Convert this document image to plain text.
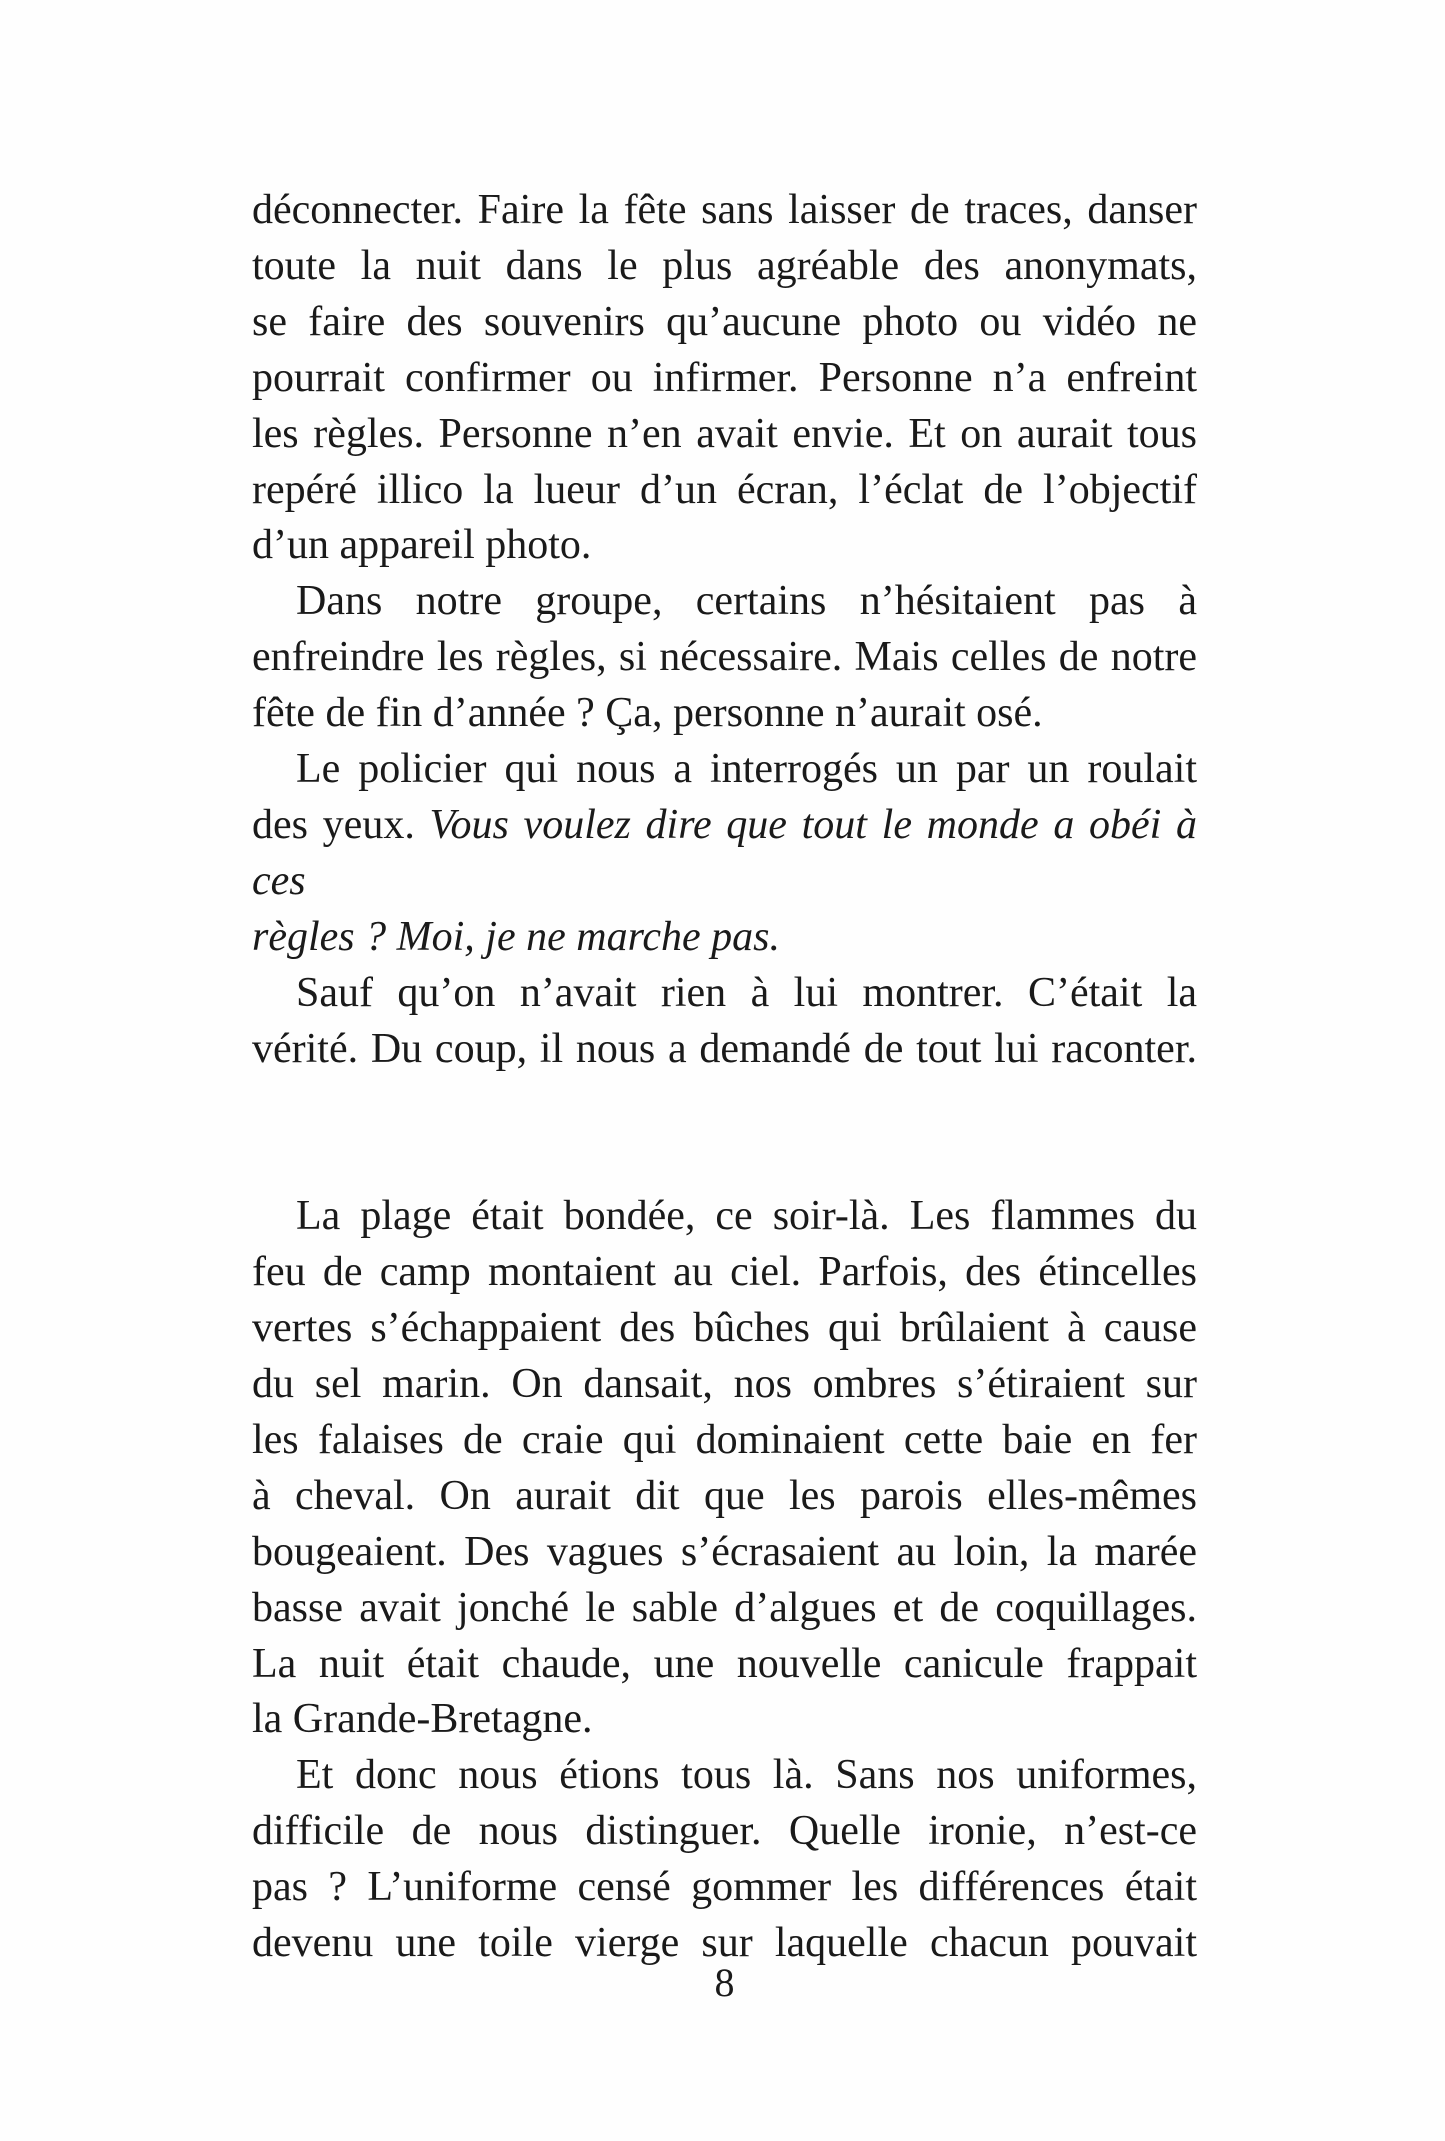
déconnecter. Faire la fête sans laisser de traces, danser
toute la nuit dans le plus agréable des anonymats,
se faire des souvenirs qu’aucune photo ou vidéo ne
pourrait confirmer ou infirmer. Personne n’a enfreint
les règles. Personne n’en avait envie. Et on aurait tous
repéré illico la lueur d’un écran, l’éclat de l’objectif
d’un appareil photo.
Dans notre groupe, certains n’hésitaient pas à
enfreindre les règles, si nécessaire. Mais celles de notre
fête de fin d’année ? Ça, personne n’aurait osé.
Le policier qui nous a interrogés un par un roulait
des yeux. Vous voulez dire que tout le monde a obéi à ces
règles ? Moi, je ne marche pas.
Sauf qu’on n’avait rien à lui montrer. C’était la
vérité. Du coup, il nous a demandé de tout lui raconter.
La plage était bondée, ce soir-là. Les flammes du
feu de camp montaient au ciel. Parfois, des étincelles
vertes s’échappaient des bûches qui brûlaient à cause
du sel marin. On dansait, nos ombres s’étiraient sur
les falaises de craie qui dominaient cette baie en fer
à cheval. On aurait dit que les parois elles-mêmes
bougeaient. Des vagues s’écrasaient au loin, la marée
basse avait jonché le sable d’algues et de coquillages.
La nuit était chaude, une nouvelle canicule frappait
la Grande-Bretagne.
Et donc nous étions tous là. Sans nos uniformes,
difficile de nous distinguer. Quelle ironie, n’est-ce
pas ? L’uniforme censé gommer les différences était
devenu une toile vierge sur laquelle chacun pouvait
8
